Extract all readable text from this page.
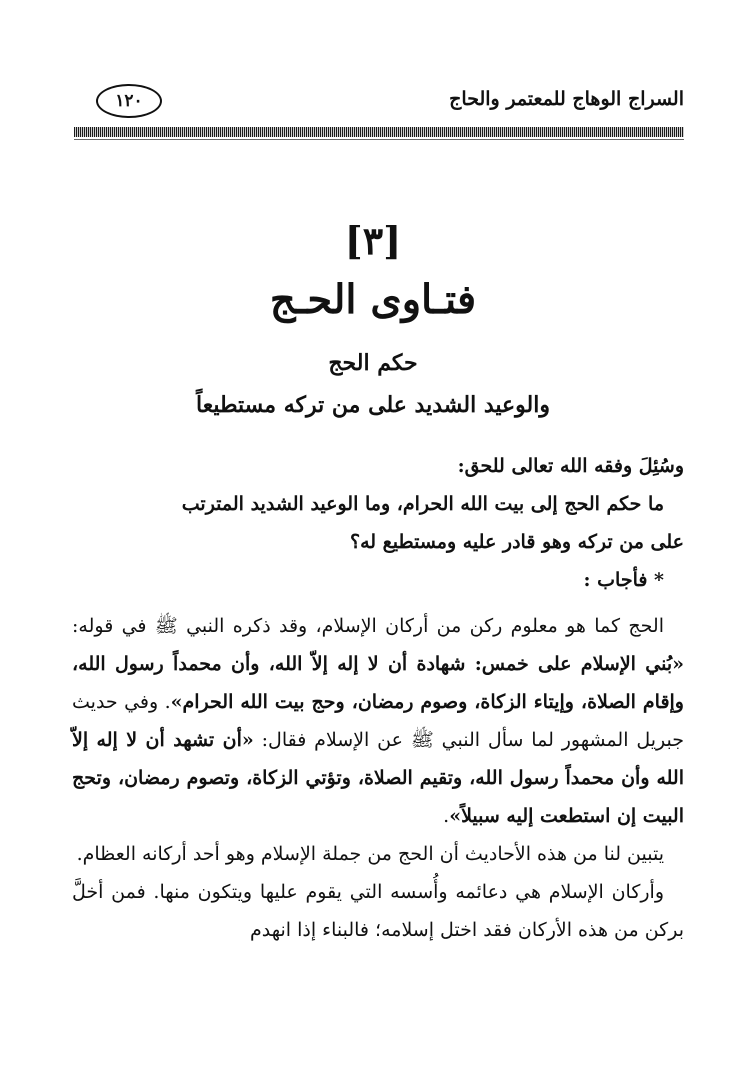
١٢٠	السراج الوهاج للمعتمر والحاج
[٣]
فتـاوى الحـج
حكم الحج
والوعيد الشديد على من تركه مستطيعاً

وسُئِلَ وفقه الله تعالى للحق:

ما حكم الحج إلى بيت الله الحرام، وما الوعيد الشديد المترتب

على من تركه وهو قادر عليه ومستطيع له؟

* فأجاب :

الحج كما هو معلوم ركن من أركان الإسلام، وقد ذكره النبي ﷺ في قوله: «بُني الإسلام على خمس: شهادة أن لا إله إلاّ الله، وأن محمداً رسول الله، وإقام الصلاة، وإيتاء الزكاة، وصوم رمضان، وحج بيت الله الحرام». وفي حديث جبريل المشهور لما سأل النبي ﷺ عن الإسلام فقال: «أن تشهد أن لا إله إلاّ الله وأن محمداً رسول الله، وتقيم الصلاة، وتؤتي الزكاة، وتصوم رمضان، وتحج البيت إن استطعت إليه سبيلاً».

يتبين لنا من هذه الأحاديث أن الحج من جملة الإسلام وهو أحد أركانه العظام.

وأركان الإسلام هي دعائمه وأُسسه التي يقوم عليها ويتكون منها. فمن أخلَّ بركن من هذه الأركان فقد اختل إسلامه؛ فالبناء إذا انهدم
